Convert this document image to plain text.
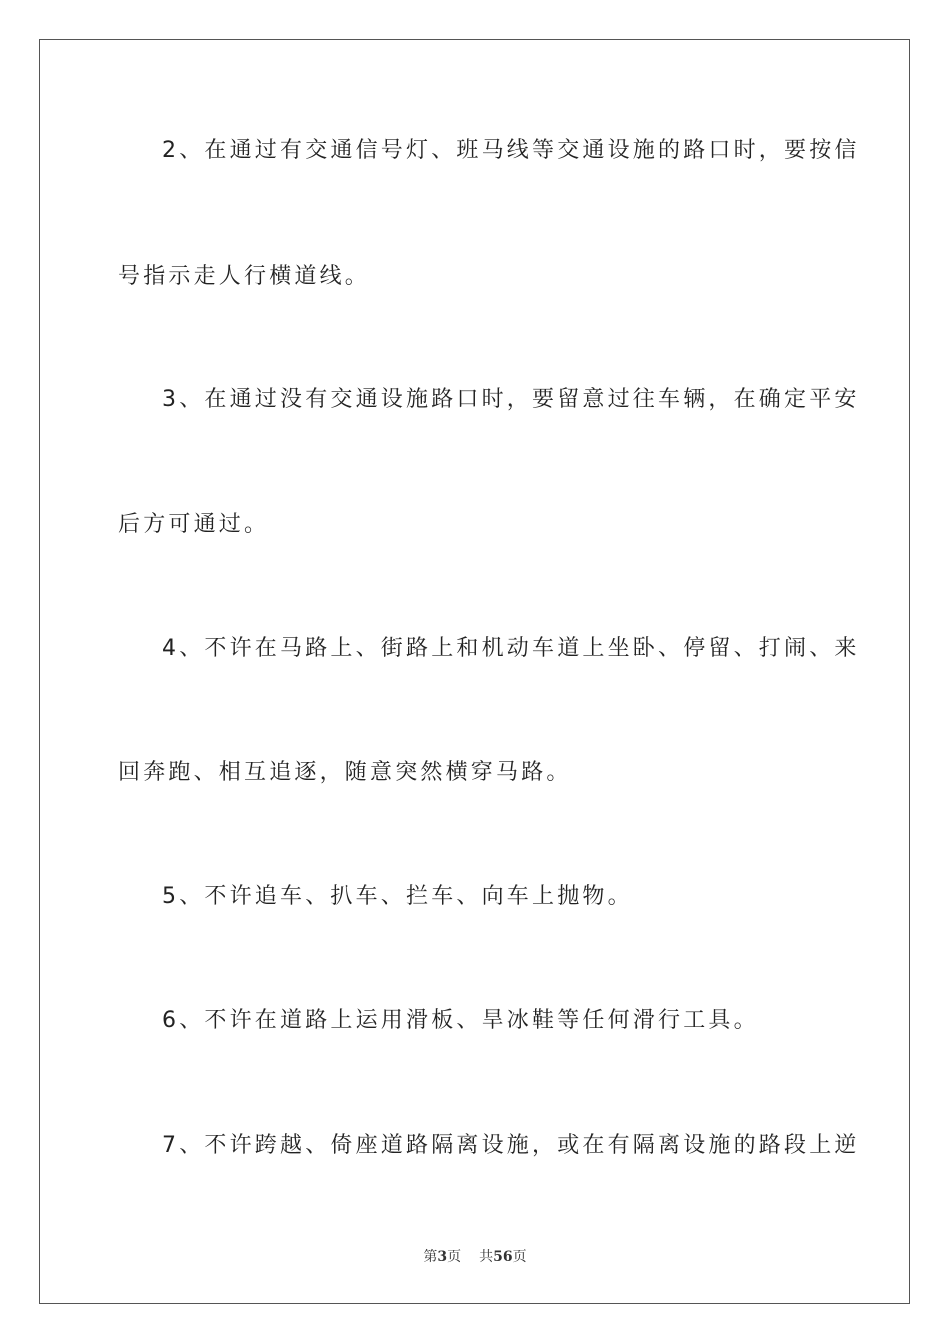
2、在通过有交通信号灯、班马线等交通设施的路口时，要按信
号指示走人行横道线。
3、在通过没有交通设施路口时，要留意过往车辆，在确定平安
后方可通过。
4、不许在马路上、街路上和机动车道上坐卧、停留、打闹、来
回奔跑、相互追逐，随意突然横穿马路。
5、不许追车、扒车、拦车、向车上抛物。
6、不许在道路上运用滑板、旱冰鞋等任何滑行工具。
7、不许跨越、倚座道路隔离设施，或在有隔离设施的路段上逆
第3页 共56页
